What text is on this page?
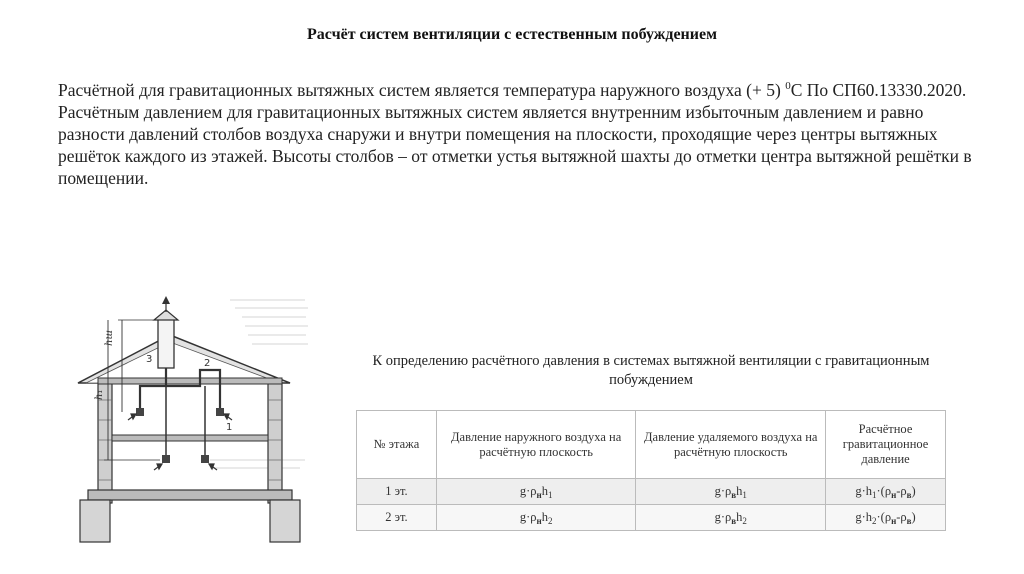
Расчёт систем вентиляции с естественным побуждением

Расчётной для гравитационных вытяжных систем является температура наружного воздуха (+ 5) $^0$С По СП60.13330.2020.

Расчётным давлением для гравитационных вытяжных систем является внутренним избыточным давлением и равно разности давлений столбов воздуха снаружи и внутри помещения на плоскости, проходящие через центры вытяжных решёток каждого из этажей. Высоты столбов – от отметки устья вытяжной шахты до отметки центра вытяжной решётки в помещении.

hш
h₁
1
2
3	К определению расчётного давления в системах вытяжной вентиляции с гравитационным побуждением
№ этажа	Давление наружного воздуха на расчётную плоскость	Давление удаляемого воздуха на расчётную плоскость	Расчётное гравитационное давление
1 эт.	$g\cdot\rho_нh_1$	$g\cdot\rho_вh_1$	$g\cdot h_1\cdot(\rho_н-\rho_в)$
2 эт.	$g\cdot\rho_нh_2$	$g\cdot\rho_вh_2$	$g\cdot h_2\cdot(\rho_н-\rho_в)$
